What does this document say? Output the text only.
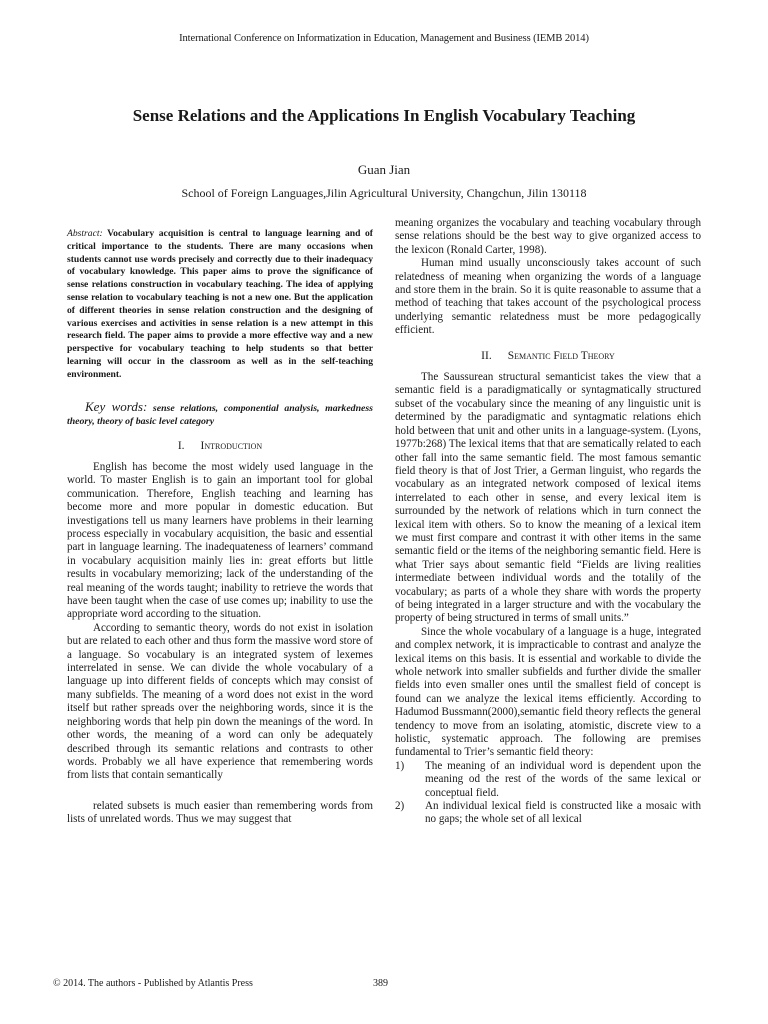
International Conference on Informatization in Education, Management and Business (IEMB 2014)
Sense Relations and the Applications In English Vocabulary Teaching
Guan Jian
School of Foreign Languages,Jilin Agricultural University, Changchun, Jilin 130118

Abstract: Vocabulary acquisition is central to language learning and of critical importance to the students. There are many occasions when students cannot use words precisely and correctly due to their inadequacy of vocabulary knowledge. This paper aims to prove the significance of sense relations construction in vocabulary teaching. The idea of applying sense relation to vocabulary teaching is not a new one. But the application of different theories in sense relation construction and the designing of various exercises and activities in sense relation is a new attempt in this research field. The paper aims to provide a more effective way and a new perspective for vocabulary teaching to help students so that better learning will occur in the classroom as well as in the self-teaching environment.

Key words: sense relations, componential analysis, markedness theory, theory of basic level category

I. Introduction

English has become the most widely used language in the world. To master English is to gain an important tool for global communication. Therefore, English teaching and learning has become more and more popular in domestic education. But investigations tell us many learners have problems in their learning process especially in vocabulary acquisition, the basic and essential part in language learning. The inadequateness of learners’ command in vocabulary acquisition mainly lies in: great efforts but little results in vocabulary memorizing; lack of the understanding of the real meaning of the words taught; inability to retrieve the words that have been taught when the case of use comes up; inability to use the appropriate word according to the situation.

According to semantic theory, words do not exist in isolation but are related to each other and thus form the massive word store of a language. So vocabulary is an integrated system of lexemes interrelated in sense. We can divide the whole vocabulary of a language up into different fields of concepts which may consist of many subfields. The meaning of a word does not exist in the word itself but rather spreads over the neighboring words, since it is the neighboring words that help pin down the meanings of the word. In other words, the meaning of a word can only be adequately described through its semantic relations and contrasts to other words. Probably we all have experience that remembering words from lists that contain semantically

related subsets is much easier than remembering words from lists of unrelated words. Thus we may suggest that

meaning organizes the vocabulary and teaching vocabulary through sense relations should be the best way to give organized access to the lexicon (Ronald Carter, 1998).

Human mind usually unconsciously takes account of such relatedness of meaning when organizing the words of a language and store them in the brain. So it is quite reasonable to assume that a method of teaching that takes account of the psychological process underlying semantic relatedness must be more pedagogically efficient.

II. Semantic Field Theory

The Saussurean structural semanticist takes the view that a semantic field is a paradigmatically or syntagmatically structured subset of the vocabulary since the meaning of any linguistic unit is determined by the paradigmatic and syntagmatic relations ehich hold between that unit and other units in a language-system. (Lyons, 1977b:268) The lexical items that that are sematically related to each other fall into the same semantic field. The most famous semantic field theory is that of Jost Trier, a German linguist, who regards the vocabulary as an integrated network composed of lexical items interrelated to each other in sense, and every lexical item is surrounded by the network of relations which in turn connect the lexical item with others. So to know the meaning of a lexical item we must first compare and contrast it with other items in the same semantic field or the items of the neighboring semantic field. Here is what Trier says about semantic field “Fields are living realities intermediate between individual words and the totalily of the vocabulary; as parts of a whole they share with words the property of being integrated in a larger structure and with the vocabulary the property of being structured in terms of small units.”

Since the whole vocabulary of a language is a huge, integrated and complex network, it is impracticable to contrast and analyze the lexical items on this basis. It is essential and workable to divide the whole network into smaller subfields and further divide the smaller fields into even smaller ones until the smallest field of concept is found can we analyze the lexical items efficiently. According to Hadumod Bussmann(2000),semantic field theory reflects the general tendency to move from an isolating, atomistic, discrete view to a holistic, systematic approach. The following are premises fundamental to Trier’s semantic field theory:

1) The meaning of an individual word is dependent upon the meaning od the rest of the words of the same lexical or conceptual field.

2) An individual lexical field is constructed like a mosaic with no gaps; the whole set of all lexical

© 2014. The authors - Published by Atlantis Press	389
